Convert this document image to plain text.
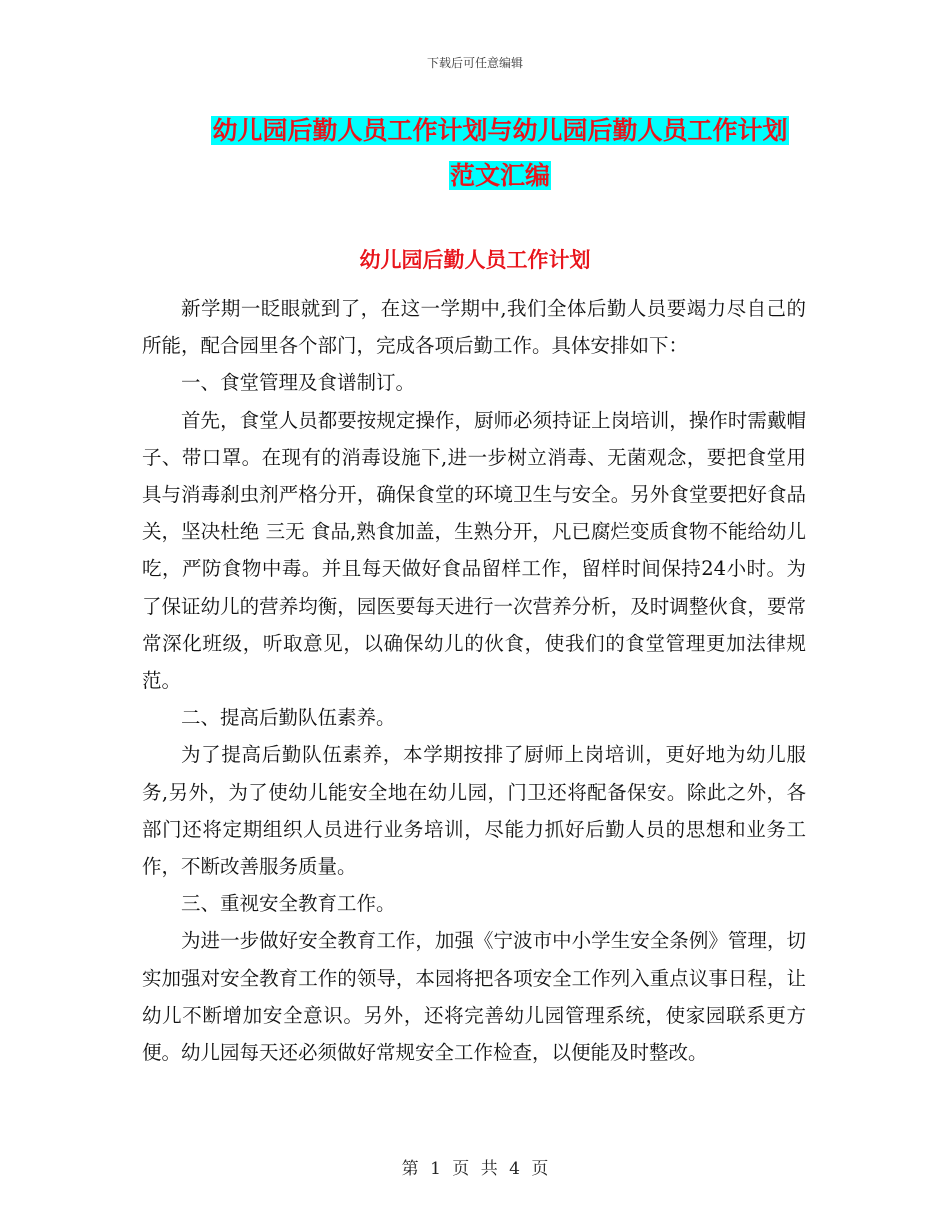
下载后可任意编辑
幼儿园后勤人员工作计划与幼儿园后勤人员工作计划
范文汇编
幼儿园后勤人员工作计划

新学期一眨眼就到了，在这一学期中,我们全体后勤人员要竭力尽自己的所能，配合园里各个部门，完成各项后勤工作。具体安排如下：

一、食堂管理及食谱制订。

首先，食堂人员都要按规定操作，厨师必须持证上岗培训，操作时需戴帽子、带口罩。在现有的消毒设施下,进一步树立消毒、无菌观念，要把食堂用具与消毒刹虫剂严格分开，确保食堂的环境卫生与安全。另外食堂要把好食品关，坚决杜绝 三无 食品,熟食加盖，生熟分开，凡已腐烂变质食物不能给幼儿吃，严防食物中毒。并且每天做好食品留样工作，留样时间保持24小时。为了保证幼儿的营养均衡，园医要每天进行一次营养分析，及时调整伙食，要常常深化班级，听取意见，以确保幼儿的伙食，使我们的食堂管理更加法律规范。

二、提高后勤队伍素养。

为了提高后勤队伍素养，本学期按排了厨师上岗培训，更好地为幼儿服务,另外，为了使幼儿能安全地在幼儿园，门卫还将配备保安。除此之外，各部门还将定期组织人员进行业务培训，尽能力抓好后勤人员的思想和业务工作，不断改善服务质量。

三、重视安全教育工作。

为进一步做好安全教育工作，加强《宁波市中小学生安全条例》管理，切实加强对安全教育工作的领导，本园将把各项安全工作列入重点议事日程，让幼儿不断增加安全意识。另外，还将完善幼儿园管理系统，使家园联系更方便。幼儿园每天还必须做好常规安全工作检查，以便能及时整改。

第 1 页 共 4 页
